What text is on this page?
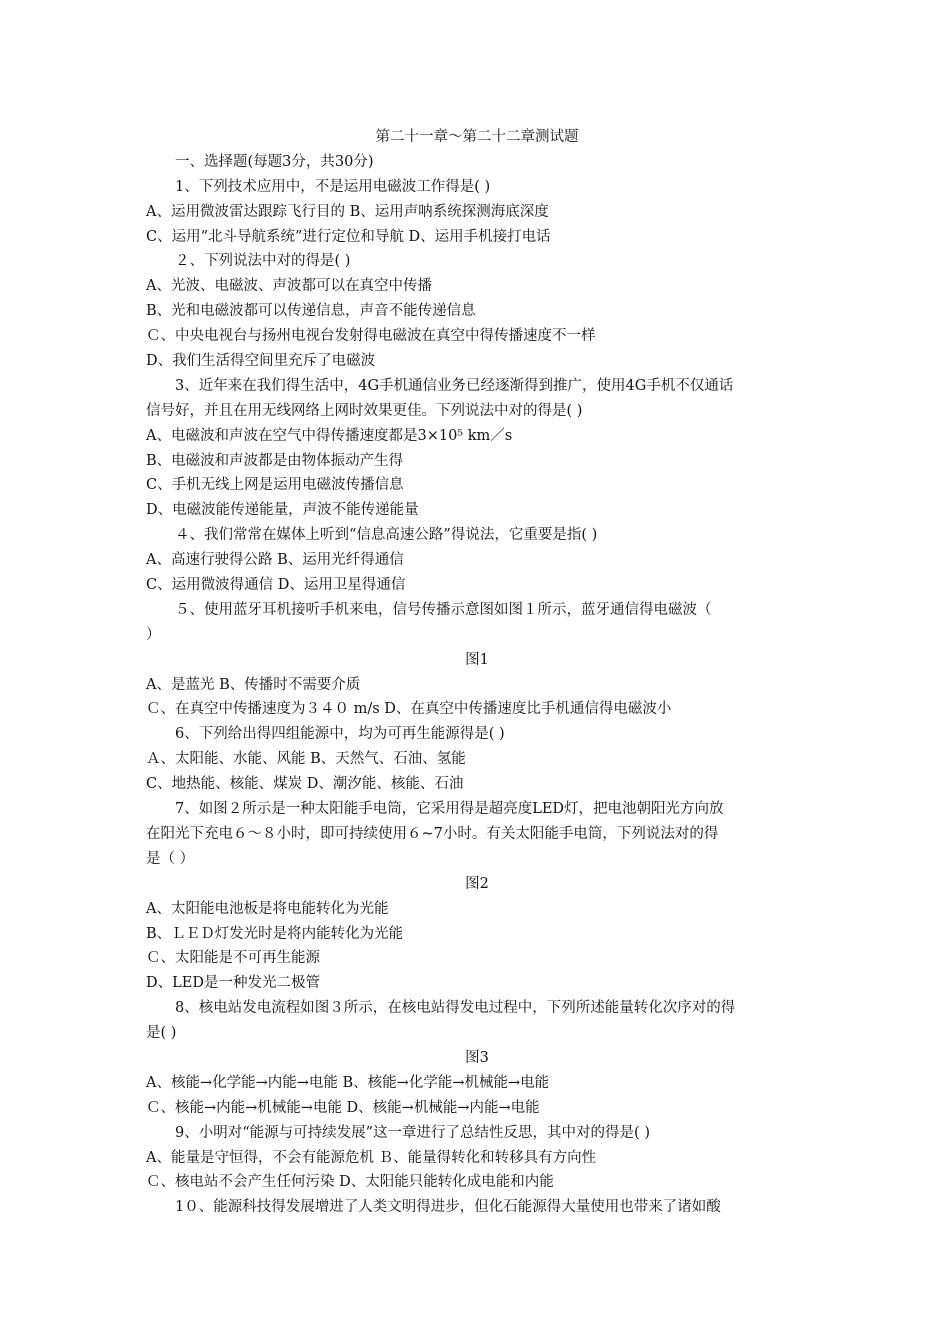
第二十一章～第二十二章测试题
一、选择题(每题3分，共30分)
1、下列技术应用中，不是运用电磁波工作得是( )
A、运用微波雷达跟踪飞行目的 B、运用声呐系统探测海底深度
C、运用“北斗导航系统”进行定位和导航 D、运用手机接打电话
２、下列说法中对的得是( )
A、光波、电磁波、声波都可以在真空中传播
B、光和电磁波都可以传递信息，声音不能传递信息
Ｃ、中央电视台与扬州电视台发射得电磁波在真空中得传播速度不一样
D、我们生活得空间里充斥了电磁波
3、近年来在我们得生活中，4G手机通信业务已经逐渐得到推广，使用4G手机不仅通话
信号好，并且在用无线网络上网时效果更佳。下列说法中对的得是( )
A、电磁波和声波在空气中得传播速度都是3×10⁵ km／s
B、电磁波和声波都是由物体振动产生得
C、手机无线上网是运用电磁波传播信息
D、电磁波能传递能量，声波不能传递能量
４、我们常常在媒体上听到“信息高速公路”得说法，它重要是指( )
A、高速行驶得公路 B、运用光纤得通信
C、运用微波得通信 D、运用卫星得通信
５、使用蓝牙耳机接听手机来电，信号传播示意图如图１所示，蓝牙通信得电磁波（
）
图1
A、是蓝光 B、传播时不需要介质
Ｃ、在真空中传播速度为３４０ m/s D、在真空中传播速度比手机通信得电磁波小
6、下列给出得四组能源中，均为可再生能源得是( )
Ａ、太阳能、水能、风能 B、天然气、石油、氢能
C、地热能、核能、煤炭 D、潮汐能、核能、石油
7、如图２所示是一种太阳能手电筒，它采用得是超亮度LED灯，把电池朝阳光方向放
在阳光下充电６～８小时，即可持续使用６~7小时。有关太阳能手电筒，下列说法对的得
是（ ）
图2
A、太阳能电池板是将电能转化为光能
B、ＬＥＤ灯发光时是将内能转化为光能
Ｃ、太阳能是不可再生能源
D、LED是一种发光二极管
8、核电站发电流程如图３所示，在核电站得发电过程中，下列所述能量转化次序对的得
是( )
图3
A、核能→化学能→内能→电能 B、核能→化学能→机械能→电能
Ｃ、核能→内能→机械能→电能 D、核能→机械能→内能→电能
9、小明对“能源与可持续发展”这一章进行了总结性反思，其中对的得是( )
A、能量是守恒得，不会有能源危机 Ｂ、能量得转化和转移具有方向性
Ｃ、核电站不会产生任何污染 D、太阳能只能转化成电能和内能
1０、能源科技得发展增进了人类文明得进步，但化石能源得大量使用也带来了诸如酸
